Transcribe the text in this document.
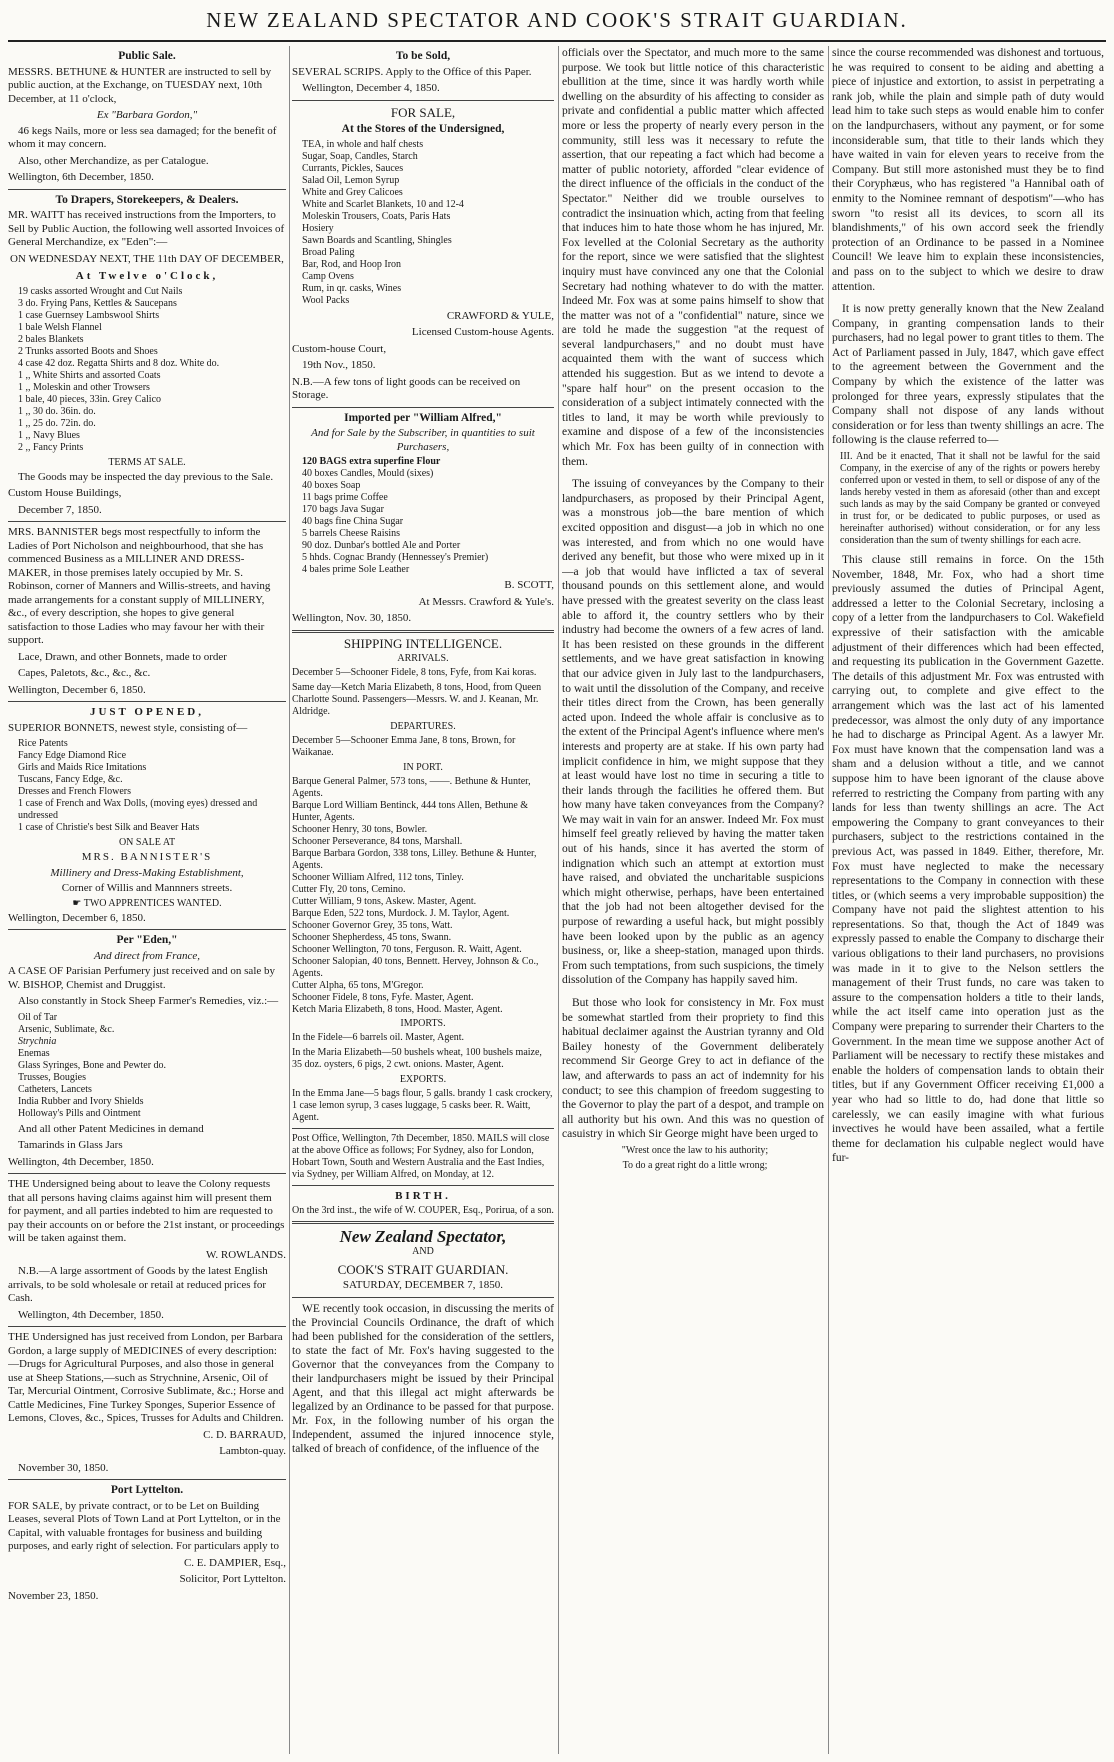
NEW ZEALAND SPECTATOR AND COOK'S STRAIT GUARDIAN.
Public Sale.

MESSRS. BETHUNE & HUNTER are instructed to sell by public auction, at the Exchange, on TUESDAY next, 10th December, at 11 o'clock,

Ex "Barbara Gordon,"

46 kegs Nails, more or less sea damaged; for the benefit of whom it may concern.

Also, other Merchandize, as per Catalogue.

Wellington, 6th December, 1850.

To Drapers, Storekeepers, & Dealers.

MR. WAITT has received instructions from the Importers, to Sell by Public Auction, the following well assorted Invoices of General Merchandize, ex "Eden":—

ON WEDNESDAY NEXT, THE 11th DAY OF DECEMBER,
At Twelve o'Clock,
19 casks assorted Wrought and Cut Nails
3 do. Frying Pans, Kettles & Saucepans
1 case Guernsey Lambswool Shirts
1 bale Welsh Flannel
2 bales Blankets
2 Trunks assorted Boots and Shoes
4 case 42 doz. Regatta Shirts and 8 doz. White do.
1 ,, White Shirts and assorted Coats
1 ,, Moleskin and other Trowsers
1 bale, 40 pieces, 33in. Grey Calico
1 ,, 30 do. 36in. do.
1 ,, 25 do. 72in. do.
1 ,, Navy Blues
2 ,, Fancy Prints
TERMS AT SALE.

The Goods may be inspected the day previous to the Sale.

Custom House Buildings,

December 7, 1850.

MRS. BANNISTER begs most respectfully to inform the Ladies of Port Nicholson and neighbourhood, that she has commenced Business as a MILLINER AND DRESS-MAKER, in those premises lately occupied by Mr. S. Robinson, corner of Manners and Willis-streets, and having made arrangements for a constant supply of MILLINERY, &c., of every description, she hopes to give general satisfaction to those Ladies who may favour her with their support.

Lace, Drawn, and other Bonnets, made to order

Capes, Paletots, &c., &c., &c.

Wellington, December 6, 1850.

JUST OPENED,

SUPERIOR BONNETS, newest style, consisting of—

Rice Patents
Fancy Edge Diamond Rice
Girls and Maids Rice Imitations
Tuscans, Fancy Edge, &c.
Dresses and French Flowers
1 case of French and Wax Dolls, (moving eyes) dressed and undressed
1 case of Christie's best Silk and Beaver Hats
ON SALE AT
MRS. BANNISTER'S
Millinery and Dress-Making Establishment,
Corner of Willis and Mannners streets.
☛ TWO APPRENTICES WANTED.

Wellington, December 6, 1850.

Per "Eden,"
And direct from France,

A CASE OF Parisian Perfumery just received and on sale by W. BISHOP, Chemist and Druggist.

Also constantly in Stock Sheep Farmer's Remedies, viz.:—

Oil of Tar
Arsenic, Sublimate, &c.
Strychnia
Enemas
Glass Syringes, Bone and Pewter do.
Trusses, Bougies
Catheters, Lancets
India Rubber and Ivory Shields
Holloway's Pills and Ointment

And all other Patent Medicines in demand

Tamarinds in Glass Jars

Wellington, 4th December, 1850.

THE Undersigned being about to leave the Colony requests that all persons having claims against him will present them for payment, and all parties indebted to him are requested to pay their accounts on or before the 21st instant, or proceedings will be taken against them.

W. ROWLANDS.

N.B.—A large assortment of Goods by the latest English arrivals, to be sold wholesale or retail at reduced prices for Cash.

Wellington, 4th December, 1850.

THE Undersigned has just received from London, per Barbara Gordon, a large supply of MEDICINES of every description:—Drugs for Agricultural Purposes, and also those in general use at Sheep Stations,—such as Strychnine, Arsenic, Oil of Tar, Mercurial Ointment, Corrosive Sublimate, &c.; Horse and Cattle Medicines, Fine Turkey Sponges, Superior Essence of Lemons, Cloves, &c., Spices, Trusses for Adults and Children.

C. D. BARRAUD,

Lambton-quay.

November 30, 1850.

Port Lyttelton.

FOR SALE, by private contract, or to be Let on Building Leases, several Plots of Town Land at Port Lyttelton, or in the Capital, with valuable frontages for business and building purposes, and early right of selection. For particulars apply to

C. E. DAMPIER, Esq.,

Solicitor, Port Lyttelton.

November 23, 1850.

To be Sold,

SEVERAL SCRIPS. Apply to the Office of this Paper.

Wellington, December 4, 1850.

FOR SALE,
At the Stores of the Undersigned,
TEA, in whole and half chests
Sugar, Soap, Candles, Starch
Currants, Pickles, Sauces
Salad Oil, Lemon Syrup
White and Grey Calicoes
White and Scarlet Blankets, 10 and 12-4
Moleskin Trousers, Coats, Paris Hats
Hosiery
Sawn Boards and Scantling, Shingles
Broad Paling
Bar, Rod, and Hoop Iron
Camp Ovens
Rum, in qr. casks, Wines
Wool Packs

CRAWFORD & YULE,

Licensed Custom-house Agents.

Custom-house Court,

19th Nov., 1850.

N.B.—A few tons of light goods can be received on Storage.

Imported per "William Alfred,"
And for Sale by the Subscriber, in quantities to suit Purchasers,
120 BAGS extra superfine Flour
40 boxes Candles, Mould (sixes)
40 boxes Soap
11 bags prime Coffee
170 bags Java Sugar
40 bags fine China Sugar
5 barrels Cheese Raisins
90 doz. Dunbar's bottled Ale and Porter
5 hhds. Cognac Brandy (Hennessey's Premier)
4 bales prime Sole Leather

B. SCOTT,

At Messrs. Crawford & Yule's.

Wellington, Nov. 30, 1850.

SHIPPING INTELLIGENCE.
ARRIVALS.

December 5—Schooner Fidele, 8 tons, Fyfe, from Kai koras.

Same day—Ketch Maria Elizabeth, 8 tons, Hood, from Queen Charlotte Sound. Passengers—Messrs. W. and J. Keanan, Mr. Aldridge.

DEPARTURES.

December 5—Schooner Emma Jane, 8 tons, Brown, for Waikanae.

IN PORT.
Barque General Palmer, 573 tons, ——. Bethune & Hunter, Agents.
Barque Lord William Bentinck, 444 tons Allen, Bethune & Hunter, Agents.
Schooner Henry, 30 tons, Bowler.
Schooner Perseverance, 84 tons, Marshall.
Barque Barbara Gordon, 338 tons, Lilley. Bethune & Hunter, Agents.
Schooner William Alfred, 112 tons, Tinley.
Cutter Fly, 20 tons, Cemino.
Cutter William, 9 tons, Askew. Master, Agent.
Barque Eden, 522 tons, Murdock. J. M. Taylor, Agent.
Schooner Governor Grey, 35 tons, Watt.
Schooner Shepherdess, 45 tons, Swann.
Schooner Wellington, 70 tons, Ferguson. R. Waitt, Agent.
Schooner Salopian, 40 tons, Bennett. Hervey, Johnson & Co., Agents.
Cutter Alpha, 65 tons, M'Gregor.
Schooner Fidele, 8 tons, Fyfe. Master, Agent.
Ketch Maria Elizabeth, 8 tons, Hood. Master, Agent.
IMPORTS.

In the Fidele—6 barrels oil. Master, Agent.

In the Maria Elizabeth—50 bushels wheat, 100 bushels maize, 35 doz. oysters, 6 pigs, 2 cwt. onions. Master, Agent.

EXPORTS.

In the Emma Jane—5 bags flour, 5 galls. brandy 1 cask crockery, 1 case lemon syrup, 3 cases luggage, 5 casks beer. R. Waitt, Agent.

Post Office, Wellington, 7th December, 1850. MAILS will close at the above Office as follows; For Sydney, also for London, Hobart Town, South and Western Australia and the East Indies, via Sydney, per William Alfred, on Monday, at 12.

BIRTH.

On the 3rd inst., the wife of W. COUPER, Esq., Porirua, of a son.

New Zealand Spectator,
AND
COOK'S STRAIT GUARDIAN.
SATURDAY, DECEMBER 7, 1850.

WE recently took occasion, in discussing the merits of the Provincial Councils Ordinance, the draft of which had been published for the consideration of the settlers, to state the fact of Mr. Fox's having suggested to the Governor that the conveyances from the Company to their landpurchasers might be issued by their Principal Agent, and that this illegal act might afterwards be legalized by an Ordinance to be passed for that purpose. Mr. Fox, in the following number of his organ the Independent, assumed the injured innocence style, talked of breach of confidence, of the influence of the

officials over the Spectator, and much more to the same purpose. We took but little notice of this characteristic ebullition at the time, since it was hardly worth while dwelling on the absurdity of his affecting to consider as private and confidential a public matter which affected more or less the property of nearly every person in the community, still less was it necessary to refute the assertion, that our repeating a fact which had become a matter of public notoriety, afforded "clear evidence of the direct influence of the officials in the conduct of the Spectator." Neither did we trouble ourselves to contradict the insinuation which, acting from that feeling that induces him to hate those whom he has injured, Mr. Fox levelled at the Colonial Secretary as the authority for the report, since we were satisfied that the slightest inquiry must have convinced any one that the Colonial Secretary had nothing whatever to do with the matter. Indeed Mr. Fox was at some pains himself to show that the matter was not of a "confidential" nature, since we are told he made the suggestion "at the request of several landpurchasers," and no doubt must have acquainted them with the want of success which attended his suggestion. But as we intend to devote a "spare half hour" on the present occasion to the consideration of a subject intimately connected with the titles to land, it may be worth while previously to examine and dispose of a few of the inconsistencies which Mr. Fox has been guilty of in connection with them.

The issuing of conveyances by the Company to their landpurchasers, as proposed by their Principal Agent, was a monstrous job—the bare mention of which excited opposition and disgust—a job in which no one was interested, and from which no one would have derived any benefit, but those who were mixed up in it—a job that would have inflicted a tax of several thousand pounds on this settlement alone, and would have pressed with the greatest severity on the class least able to afford it, the country settlers who by their industry had become the owners of a few acres of land. It has been resisted on these grounds in the different settlements, and we have great satisfaction in knowing that our advice given in July last to the landpurchasers, to wait until the dissolution of the Company, and receive their titles direct from the Crown, has been generally acted upon. Indeed the whole affair is conclusive as to the extent of the Principal Agent's influence where men's interests and property are at stake. If his own party had implicit confidence in him, we might suppose that they at least would have lost no time in securing a title to their lands through the facilities he offered them. But how many have taken conveyances from the Company? We may wait in vain for an answer. Indeed Mr. Fox must himself feel greatly relieved by having the matter taken out of his hands, since it has averted the storm of indignation which such an attempt at extortion must have raised, and obviated the uncharitable suspicions which might otherwise, perhaps, have been entertained that the job had not been altogether devised for the purpose of rewarding a useful hack, but might possibly have been looked upon by the public as an agency business, or, like a sheep-station, managed upon thirds. From such temptations, from such suspicions, the timely dissolution of the Company has happily saved him.

But those who look for consistency in Mr. Fox must be somewhat startled from their propriety to find this habitual declaimer against the Austrian tyranny and Old Bailey honesty of the Government deliberately recommend Sir George Grey to act in defiance of the law, and afterwards to pass an act of indemnity for his conduct; to see this champion of freedom suggesting to the Governor to play the part of a despot, and trample on all authority but his own. And this was no question of casuistry in which Sir George might have been urged to

"Wrest once the law to his authority;

To do a great right do a little wrong;

since the course recommended was dishonest and tortuous, he was required to consent to be aiding and abetting a piece of injustice and extortion, to assist in perpetrating a rank job, while the plain and simple path of duty would lead him to take such steps as would enable him to confer on the landpurchasers, without any payment, or for some inconsiderable sum, that title to their lands which they have waited in vain for eleven years to receive from the Company. But still more astonished must they be to find their Coryphæus, who has registered "a Hannibal oath of enmity to the Nominee remnant of despotism"—who has sworn "to resist all its devices, to scorn all its blandishments," of his own accord seek the friendly protection of an Ordinance to be passed in a Nominee Council! We leave him to explain these inconsistencies, and pass on to the subject to which we desire to draw attention.

It is now pretty generally known that the New Zealand Company, in granting compensation lands to their purchasers, had no legal power to grant titles to them. The Act of Parliament passed in July, 1847, which gave effect to the agreement between the Government and the Company by which the existence of the latter was prolonged for three years, expressly stipulates that the Company shall not dispose of any lands without consideration or for less than twenty shillings an acre. The following is the clause referred to—

III. And be it enacted, That it shall not be lawful for the said Company, in the exercise of any of the rights or powers hereby conferred upon or vested in them, to sell or dispose of any of the lands hereby vested in them as aforesaid (other than and except such lands as may by the said Company be granted or conveyed in trust for, or be dedicated to public purposes, or used as hereinafter authorised) without consideration, or for any less consideration than the sum of twenty shillings for each acre.

This clause still remains in force. On the 15th November, 1848, Mr. Fox, who had a short time previously assumed the duties of Principal Agent, addressed a letter to the Colonial Secretary, inclosing a copy of a letter from the landpurchasers to Col. Wakefield expressive of their satisfaction with the amicable adjustment of their differences which had been effected, and requesting its publication in the Government Gazette. The details of this adjustment Mr. Fox was entrusted with carrying out, to complete and give effect to the arrangement which was the last act of his lamented predecessor, was almost the only duty of any importance he had to discharge as Principal Agent. As a lawyer Mr. Fox must have known that the compensation land was a sham and a delusion without a title, and we cannot suppose him to have been ignorant of the clause above referred to restricting the Company from parting with any lands for less than twenty shillings an acre. The Act empowering the Company to grant conveyances to their purchasers, subject to the restrictions contained in the previous Act, was passed in 1849. Either, therefore, Mr. Fox must have neglected to make the necessary representations to the Company in connection with these titles, or (which seems a very improbable supposition) the Company have not paid the slightest attention to his representations. So that, though the Act of 1849 was expressly passed to enable the Company to discharge their various obligations to their land purchasers, no provisions was made in it to give to the Nelson settlers the management of their Trust funds, no care was taken to assure to the compensation holders a title to their lands, while the act itself came into operation just as the Company were preparing to surrender their Charters to the Government. In the mean time we suppose another Act of Parliament will be necessary to rectify these mistakes and enable the holders of compensation lands to obtain their titles, but if any Government Officer receiving £1,000 a year who had so little to do, had done that little so carelessly, we can easily imagine with what furious invectives he would have been assailed, what a fertile theme for declamation his culpable neglect would have fur-
